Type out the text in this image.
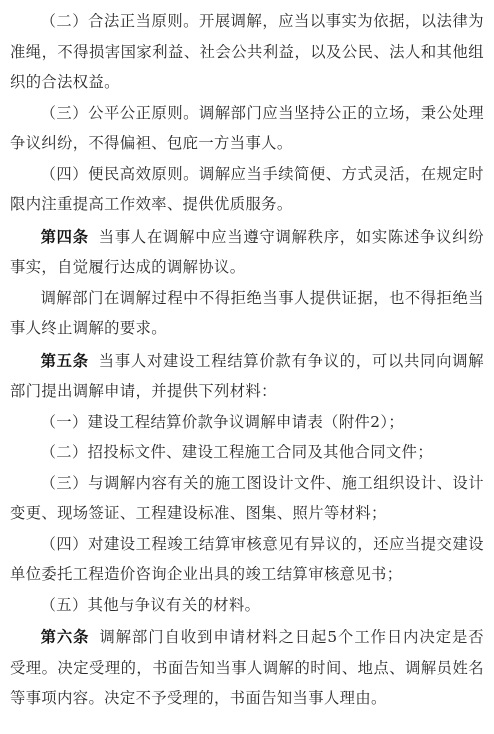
（二）合法正当原则。开展调解，应当以事实为依据，以法律为准绳，不得损害国家利益、社会公共利益，以及公民、法人和其他组织的合法权益。

（三）公平公正原则。调解部门应当坚持公正的立场，秉公处理争议纠纷，不得偏袒、包庇一方当事人。

（四）便民高效原则。调解应当手续简便、方式灵活，在规定时限内注重提高工作效率、提供优质服务。

第四条 当事人在调解中应当遵守调解秩序，如实陈述争议纠纷事实，自觉履行达成的调解协议。

调解部门在调解过程中不得拒绝当事人提供证据，也不得拒绝当事人终止调解的要求。

第五条 当事人对建设工程结算价款有争议的，可以共同向调解部门提出调解申请，并提供下列材料：

（一）建设工程结算价款争议调解申请表（附件2）；

（二）招投标文件、建设工程施工合同及其他合同文件；

（三）与调解内容有关的施工图设计文件、施工组织设计、设计变更、现场签证、工程建设标准、图集、照片等材料；

（四）对建设工程竣工结算审核意见有异议的，还应当提交建设单位委托工程造价咨询企业出具的竣工结算审核意见书；

（五）其他与争议有关的材料。

第六条 调解部门自收到申请材料之日起5个工作日内决定是否受理。决定受理的，书面告知当事人调解的时间、地点、调解员姓名等事项内容。决定不予受理的，书面告知当事人理由。
